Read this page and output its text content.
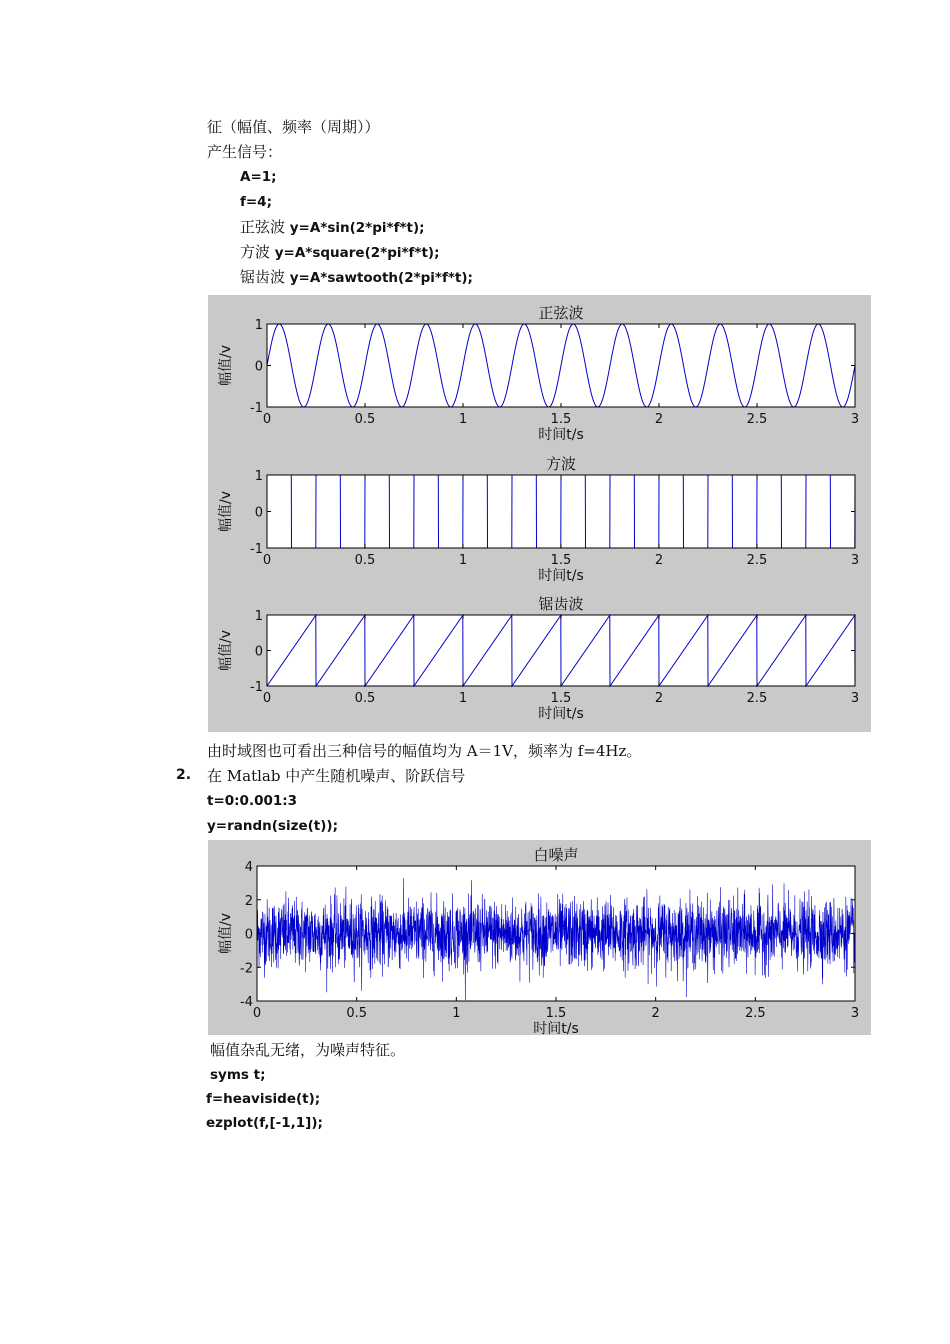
征（幅值、频率（周期））
产生信号：
A=1;
f=4;
正弦波 y=A*sin(2*pi*f*t);
方波 y=A*square(2*pi*f*t);
锯齿波 y=A*sawtooth(2*pi*f*t);
0	0.5	1	1.5	2	2.5	3
-1
0
1
正弦波
时间t/s
幅值/v
0	0.5	1	1.5	2	2.5	3
-1
0
1
方波
时间t/s
幅值/v
0	0.5	1	1.5	2	2.5	3
-1
0
1
锯齿波
时间t/s
幅值/v
由时域图也可看出三种信号的幅值均为 A＝1V，频率为 f=4Hz。
2. 在 Matlab 中产生随机噪声、阶跃信号
t=0:0.001:3
y=randn(size(t));
0	0.5	1	1.5	2	2.5	3
-4
-2
0
2
4
白噪声
时间t/s
幅值/v
幅值杂乱无绪，为噪声特征。
syms t;
f=heaviside(t);
ezplot(f,[-1,1]);
